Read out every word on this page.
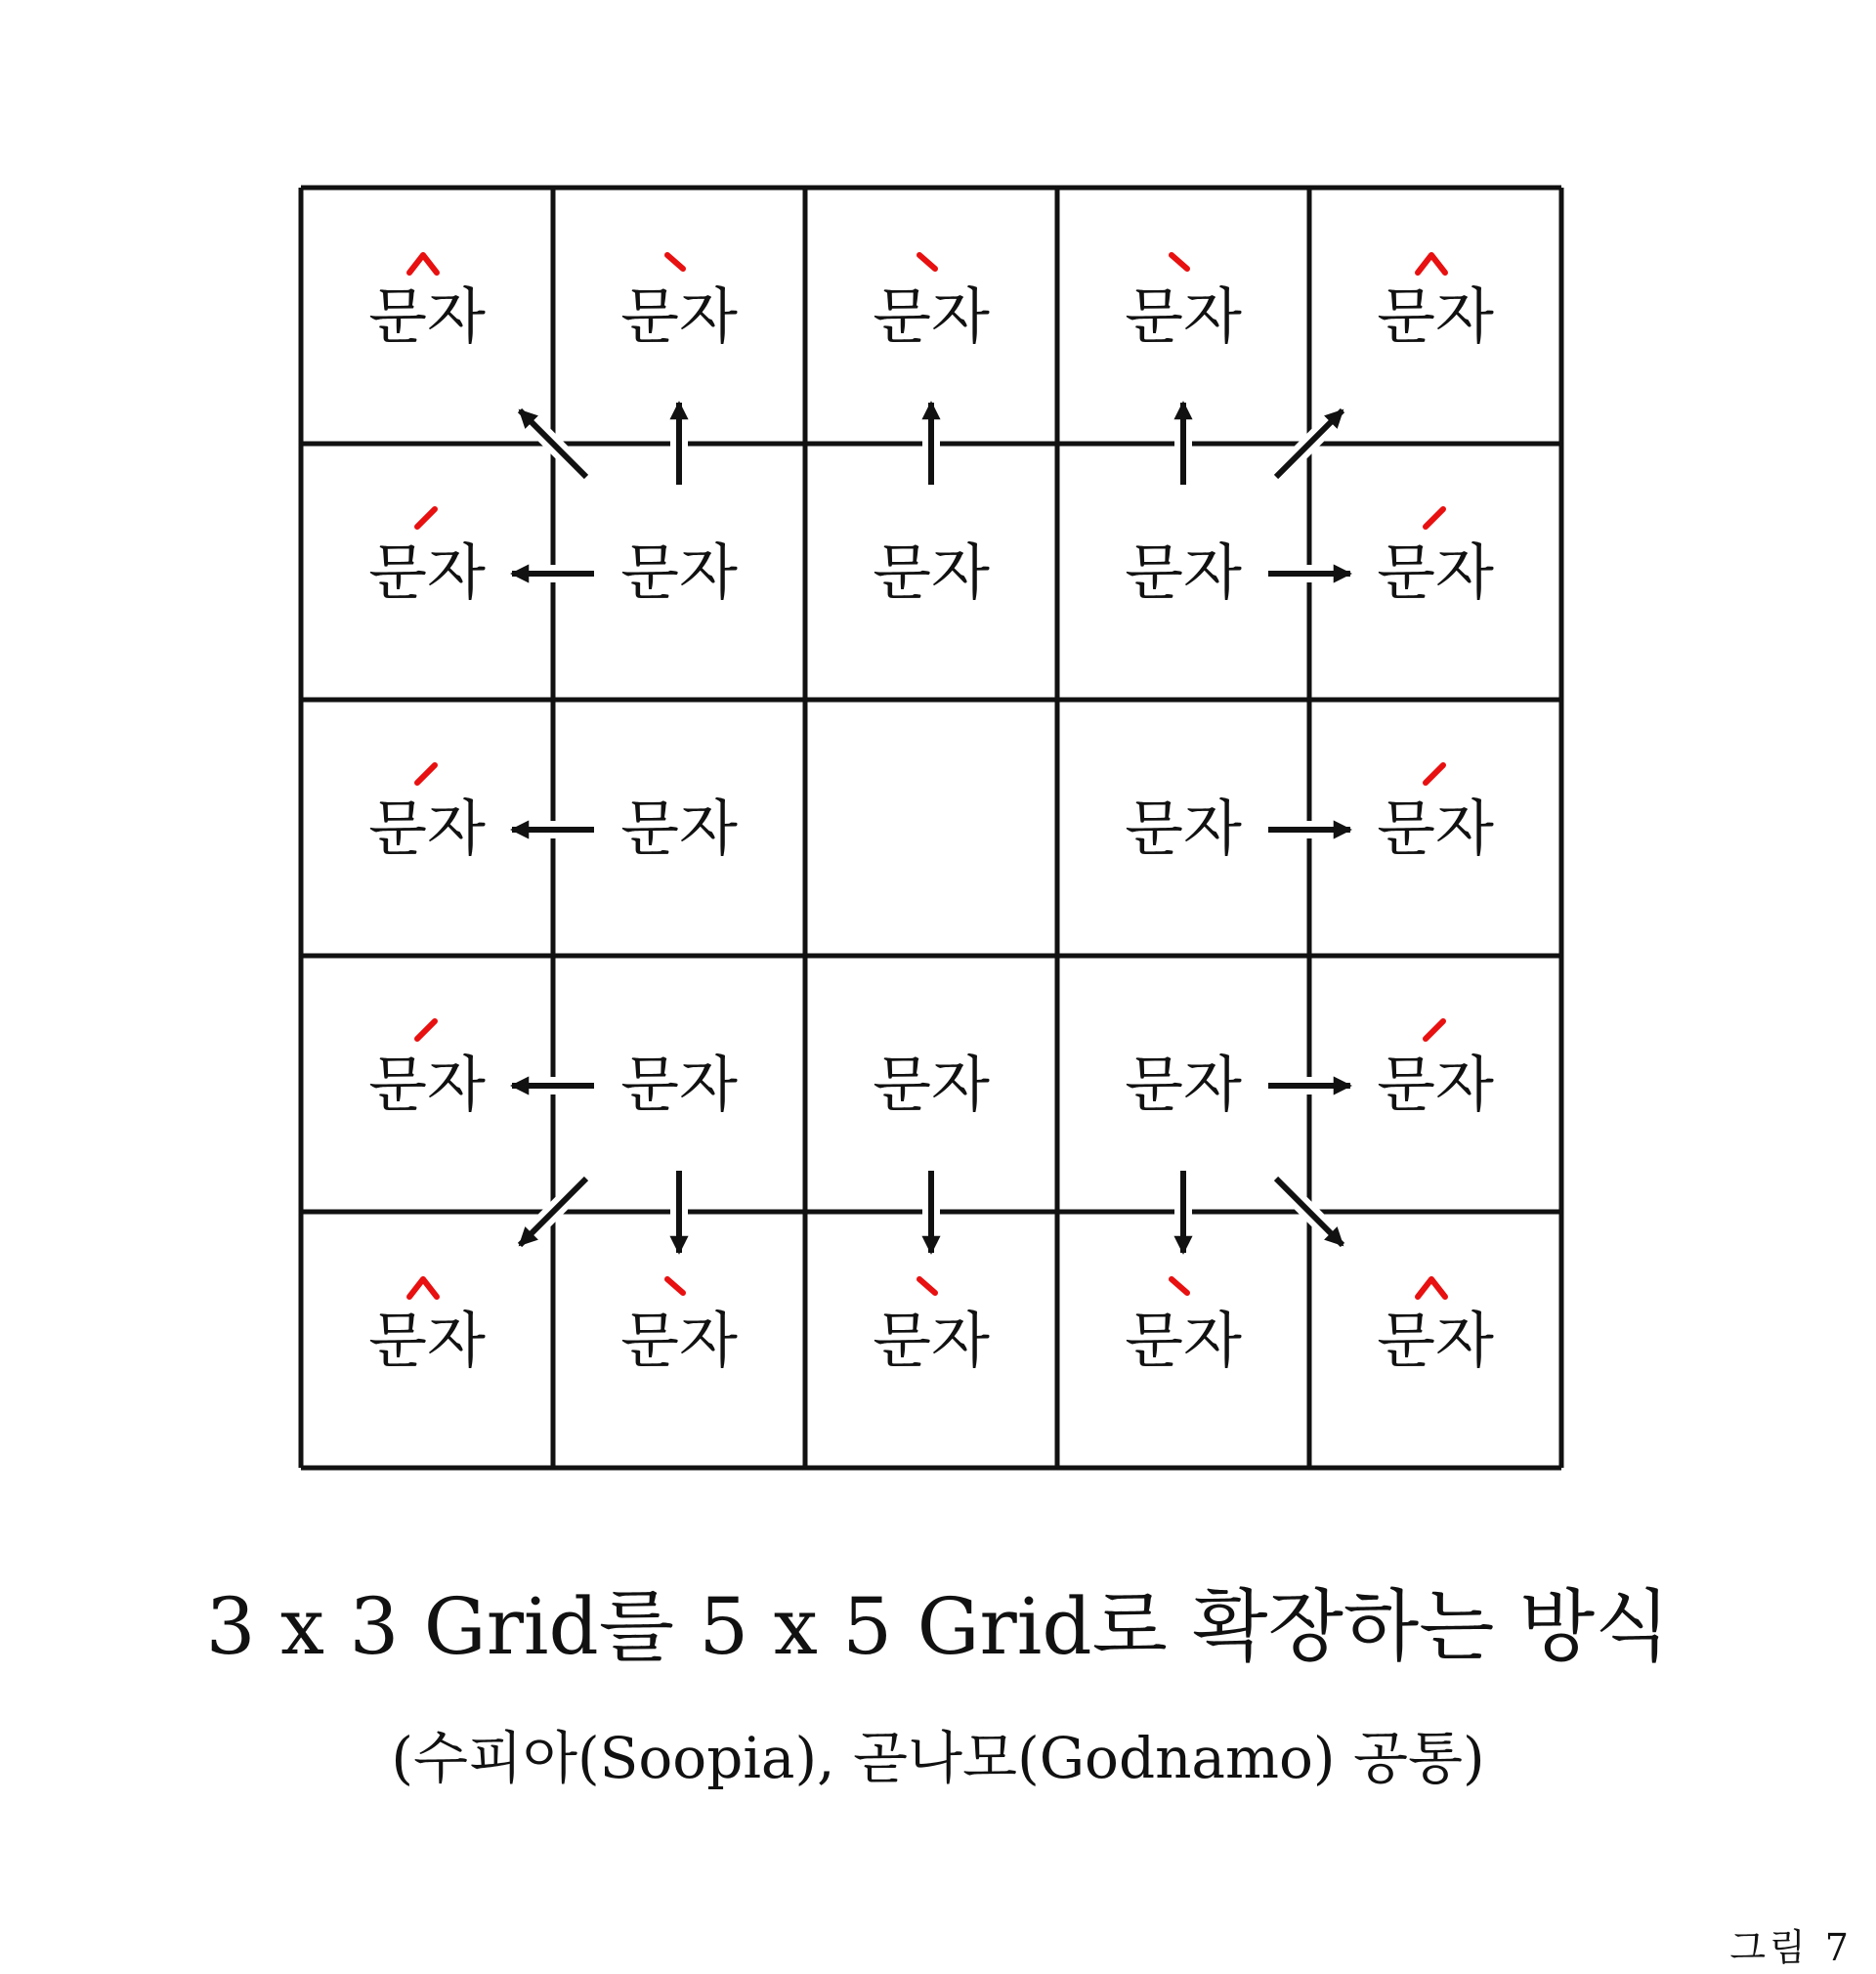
문자 문자 문자 문자 문자
문자 문자 문자 문자 문자
문자 문자	문자 문자
문자 문자 문자 문자 문자
문자 문자 문자 문자 문자
3 x 3 Grid를 5 x 5 Grid로 확장하는 방식
(수피아(Soopia), 곧나모(Godnamo) 공통)
그림 7
